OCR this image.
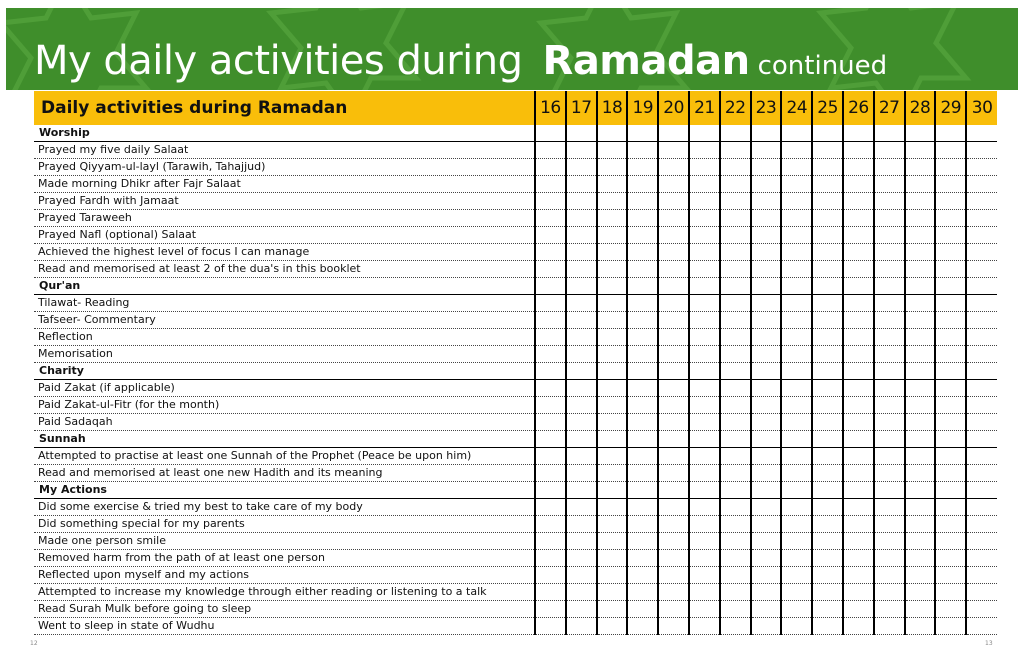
My daily activities during Ramadan continued
Daily activities during Ramadan	16	17	18	19	20	21	22	23	24	25	26	27	28	29	30
Worship															
Prayed my five daily Salaat															
Prayed Qiyyam-ul-layl (Tarawih, Tahajjud)															
Made morning Dhikr after Fajr Salaat															
Prayed Fardh with Jamaat															
Prayed Taraweeh															
Prayed Nafl (optional) Salaat															
Achieved the highest level of focus I can manage															
Read and memorised at least 2 of the dua's in this booklet															
Qur'an															
Tilawat- Reading															
Tafseer- Commentary															
Reflection															
Memorisation															
Charity															
Paid Zakat (if applicable)															
Paid Zakat-ul-Fitr (for the month)															
Paid Sadaqah															
Sunnah															
Attempted to practise at least one Sunnah of the Prophet (Peace be upon him)															
Read and memorised at least one new Hadith and its meaning															
My Actions															
Did some exercise & tried my best to take care of my body															
Did something special for my parents															
Made one person smile															
Removed harm from the path of at least one person															
Reflected upon myself and my actions															
Attempted to increase my knowledge through either reading or listening to a talk															
Read Surah Mulk before going to sleep															
Went to sleep in state of Wudhu															
12	13
